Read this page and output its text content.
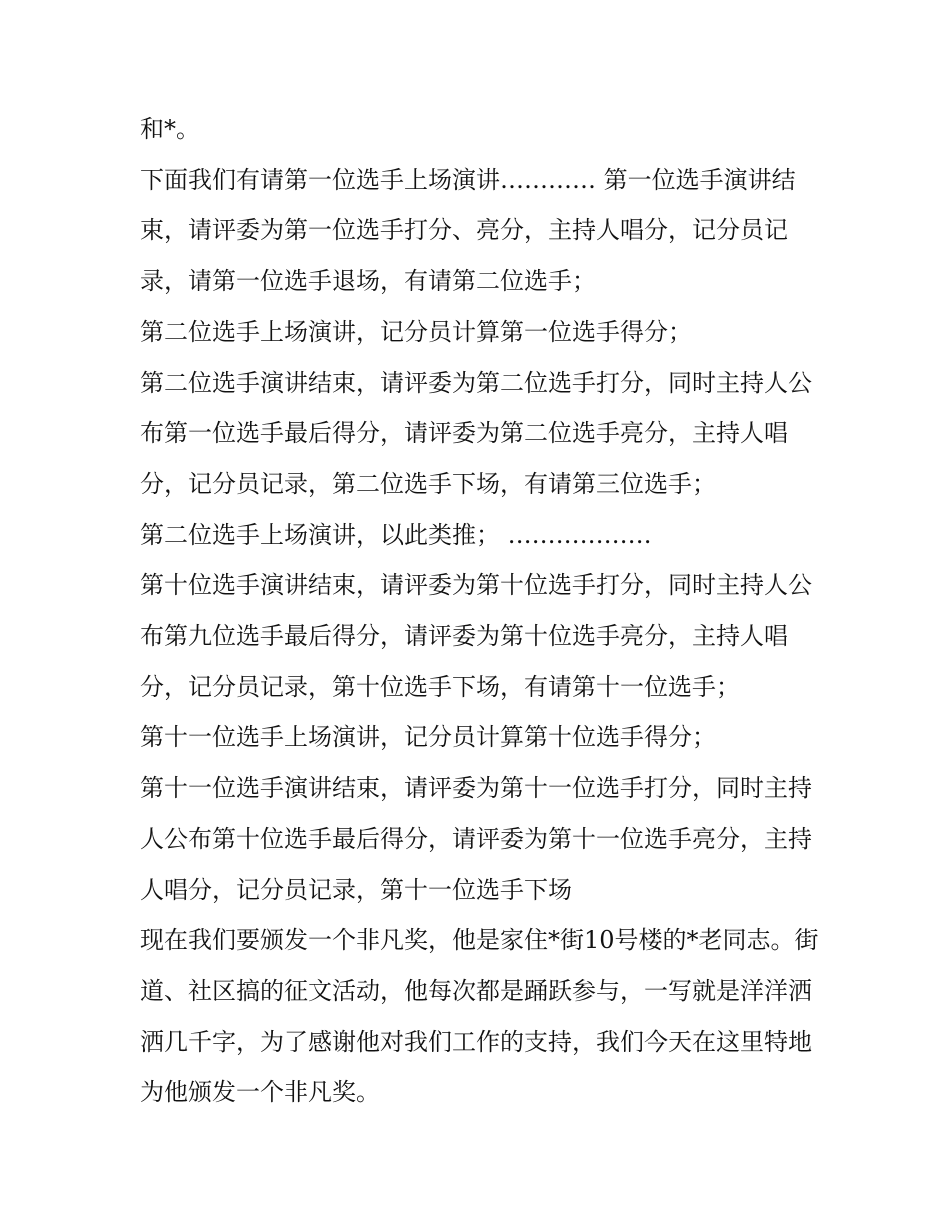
和*。

下面我们有请第一位选手上场演讲………… 第一位选手演讲结束，请评委为第一位选手打分、亮分，主持人唱分，记分员记录，请第一位选手退场，有请第二位选手；

第二位选手上场演讲，记分员计算第一位选手得分；

第二位选手演讲结束，请评委为第二位选手打分，同时主持人公布第一位选手最后得分，请评委为第二位选手亮分，主持人唱分，记分员记录，第二位选手下场，有请第三位选手；

第二位选手上场演讲，以此类推； ………………

第十位选手演讲结束，请评委为第十位选手打分，同时主持人公布第九位选手最后得分，请评委为第十位选手亮分，主持人唱分，记分员记录，第十位选手下场，有请第十一位选手；

第十一位选手上场演讲，记分员计算第十位选手得分；

第十一位选手演讲结束，请评委为第十一位选手打分，同时主持人公布第十位选手最后得分，请评委为第十一位选手亮分，主持人唱分，记分员记录，第十一位选手下场

现在我们要颁发一个非凡奖，他是家住*街10号楼的*老同志。街道、社区搞的征文活动，他每次都是踊跃参与，一写就是洋洋洒洒几千字，为了感谢他对我们工作的支持，我们今天在这里特地为他颁发一个非凡奖。
